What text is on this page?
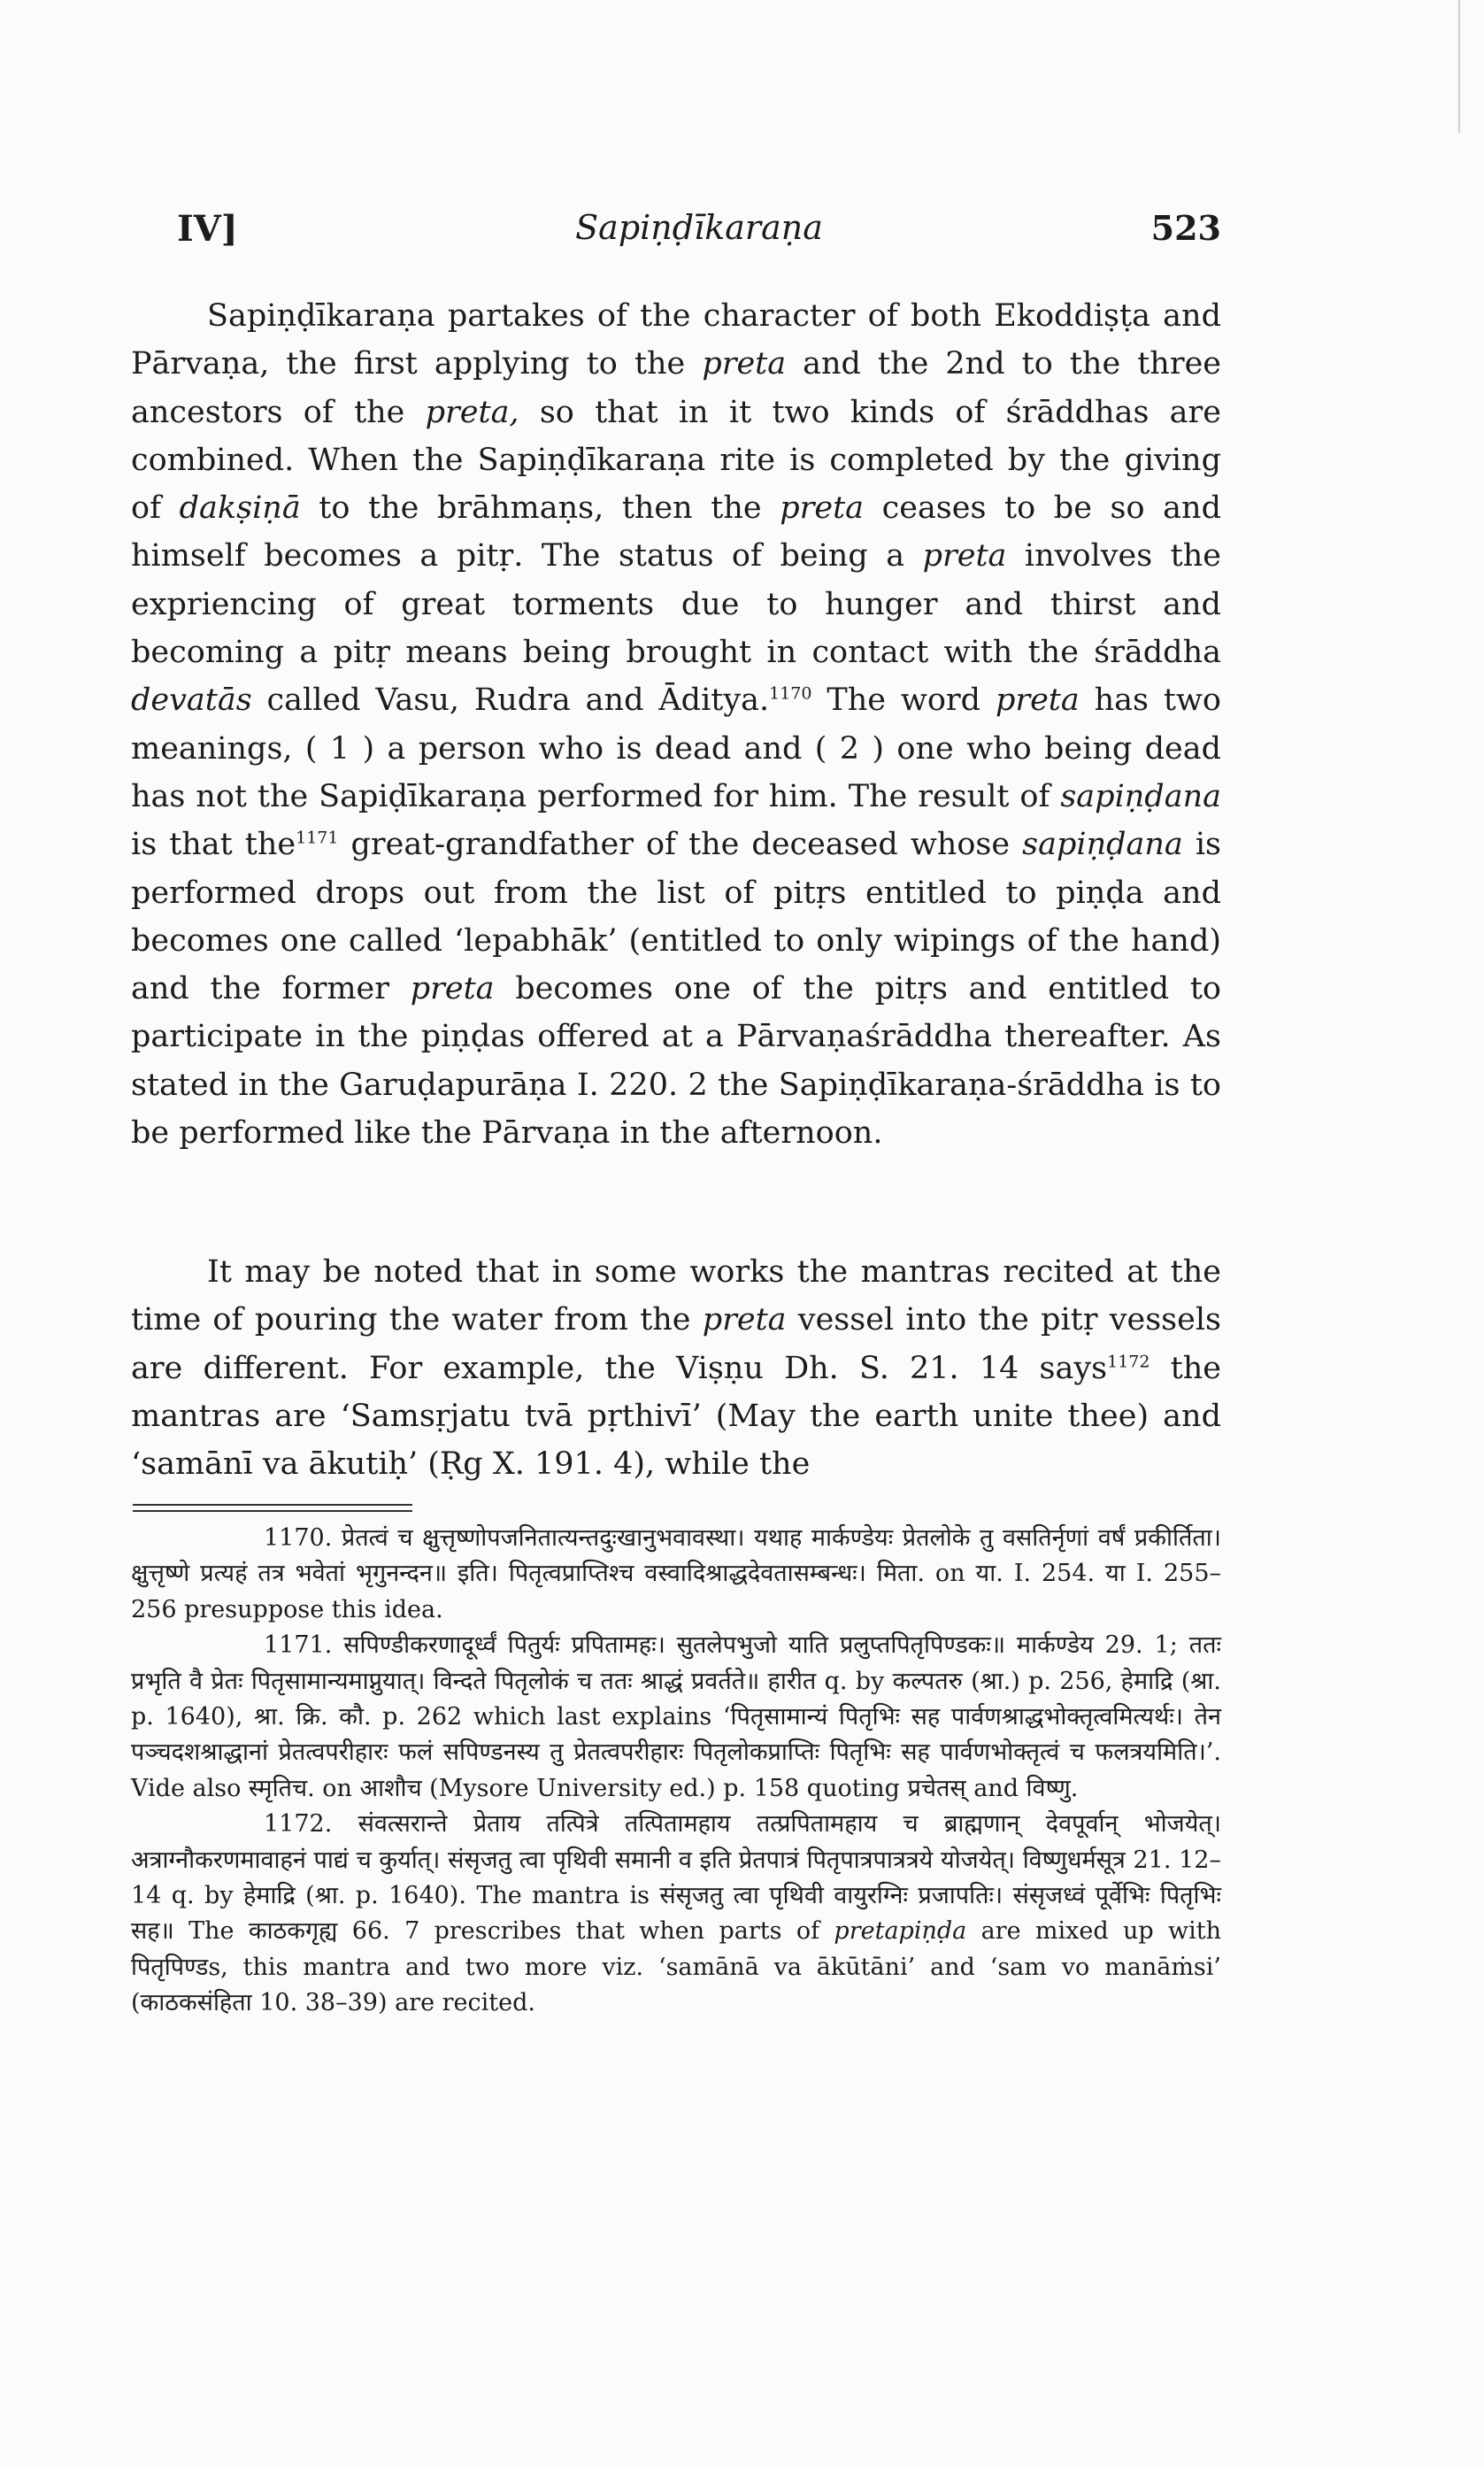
IV]	Sapiṇḍīkaraṇa	523
Sapiṇḍīkaraṇa partakes of the character of both Ekoddiṣṭa and Pārvaṇa, the first applying to the preta and the 2nd to the three ancestors of the preta, so that in it two kinds of śrāddhas are combined. When the Sapiṇḍīkaraṇa rite is completed by the giving of dakṣiṇā to the brāhmaṇs, then the preta ceases to be so and himself becomes a pitṛ. The status of being a preta involves the expriencing of great torments due to hunger and thirst and becoming a pitṛ means being brought in contact with the śrāddha devatās called Vasu, Rudra and Āditya.$^{1170}$ The word preta has two meanings, ( 1 ) a person who is dead and ( 2 ) one who being dead has not the Sapiḍīkaraṇa performed for him. The result of sapiṇḍana is that the$^{1171}$ great-grandfather of the deceased whose sapiṇḍana is performed drops out from the list of pitṛs entitled to piṇḍa and becomes one called ‘lepabhāk’ (entitled to only wipings of the hand) and the former preta becomes one of the pitṛs and entitled to participate in the piṇḍas offered at a Pārvaṇaśrāddha thereafter. As stated in the Garuḍapurāṇa I. 220. 2 the Sapiṇḍīkaraṇa-śrāddha is to be performed like the Pārvaṇa in the afternoon.
It may be noted that in some works the mantras recited at the time of pouring the water from the preta vessel into the pitṛ vessels are different. For example, the Viṣṇu Dh. S. 21. 14 says$^{1172}$ the mantras are ‘Samsṛjatu tvā pṛthivī’ (May the earth unite thee) and ‘samānī va ākutiḥ’ (Ṛg X. 191. 4), while the

1170. प्रेतत्वं च क्षुत्तृष्णोपजनितात्यन्तदुःखानुभवावस्था। यथाह मार्कण्डेयः प्रेतलोके तु वसतिर्नृणां वर्षं प्रकीर्तिता। क्षुत्तृष्णे प्रत्यहं तत्र भवेतां भृगुनन्दन॥ इति। पितृत्वप्राप्तिश्च वस्वादिश्राद्धदेवतासम्बन्धः। मिता. on या. I. 254. या I. 255–256 presuppose this idea.

1171. सपिण्डीकरणादूर्ध्वं पितुर्यः प्रपितामहः। सुतलेपभुजो याति प्रलुप्तपितृपिण्डकः॥ मार्कण्डेय 29. 1; ततः प्रभृति वै प्रेतः पितृसामान्यमाप्नुयात्। विन्दते पितृलोकं च ततः श्राद्धं प्रवर्तते॥ हारीत q. by कल्पतरु (श्रा.) p. 256, हेमाद्रि (श्रा. p. 1640), श्रा. क्रि. कौ. p. 262 which last explains ‘पितृसामान्यं पितृभिः सह पार्वणश्राद्धभोक्तृत्वमित्यर्थः। तेन पञ्चदशश्राद्धानां प्रेतत्वपरीहारः फलं सपिण्डनस्य तु प्रेतत्वपरीहारः पितृलोकप्राप्तिः पितृभिः सह पार्वणभोक्तृत्वं च फलत्रयमिति।’. Vide also स्मृतिच. on आशौच (Mysore University ed.) p. 158 quoting प्रचेतस् and विष्णु.

1172. संवत्सरान्ते प्रेताय तत्पित्रे तत्पितामहाय तत्प्रपितामहाय च ब्राह्मणान् देवपूर्वान् भोजयेत्। अत्राग्नौकरणमावाहनं पाद्यं च कुर्यात्। संसृजतु त्वा पृथिवी समानी व इति प्रेतपात्रं पितृपात्रपात्रत्रये योजयेत्। विष्णुधर्मसूत्र 21. 12–14 q. by हेमाद्रि (श्रा. p. 1640). The mantra is संसृजतु त्वा पृथिवी वायुरग्निः प्रजापतिः। संसृजध्वं पूर्वेभिः पितृभिः सह॥ The काठकगृह्य 66. 7 prescribes that when parts of pretapiṇḍa are mixed up with पितृपिण्डs, this mantra and two more viz. ‘samānā va ākūtāni’ and ‘sam vo manāṁsi’ (काठकसंहिता 10. 38–39) are recited.
